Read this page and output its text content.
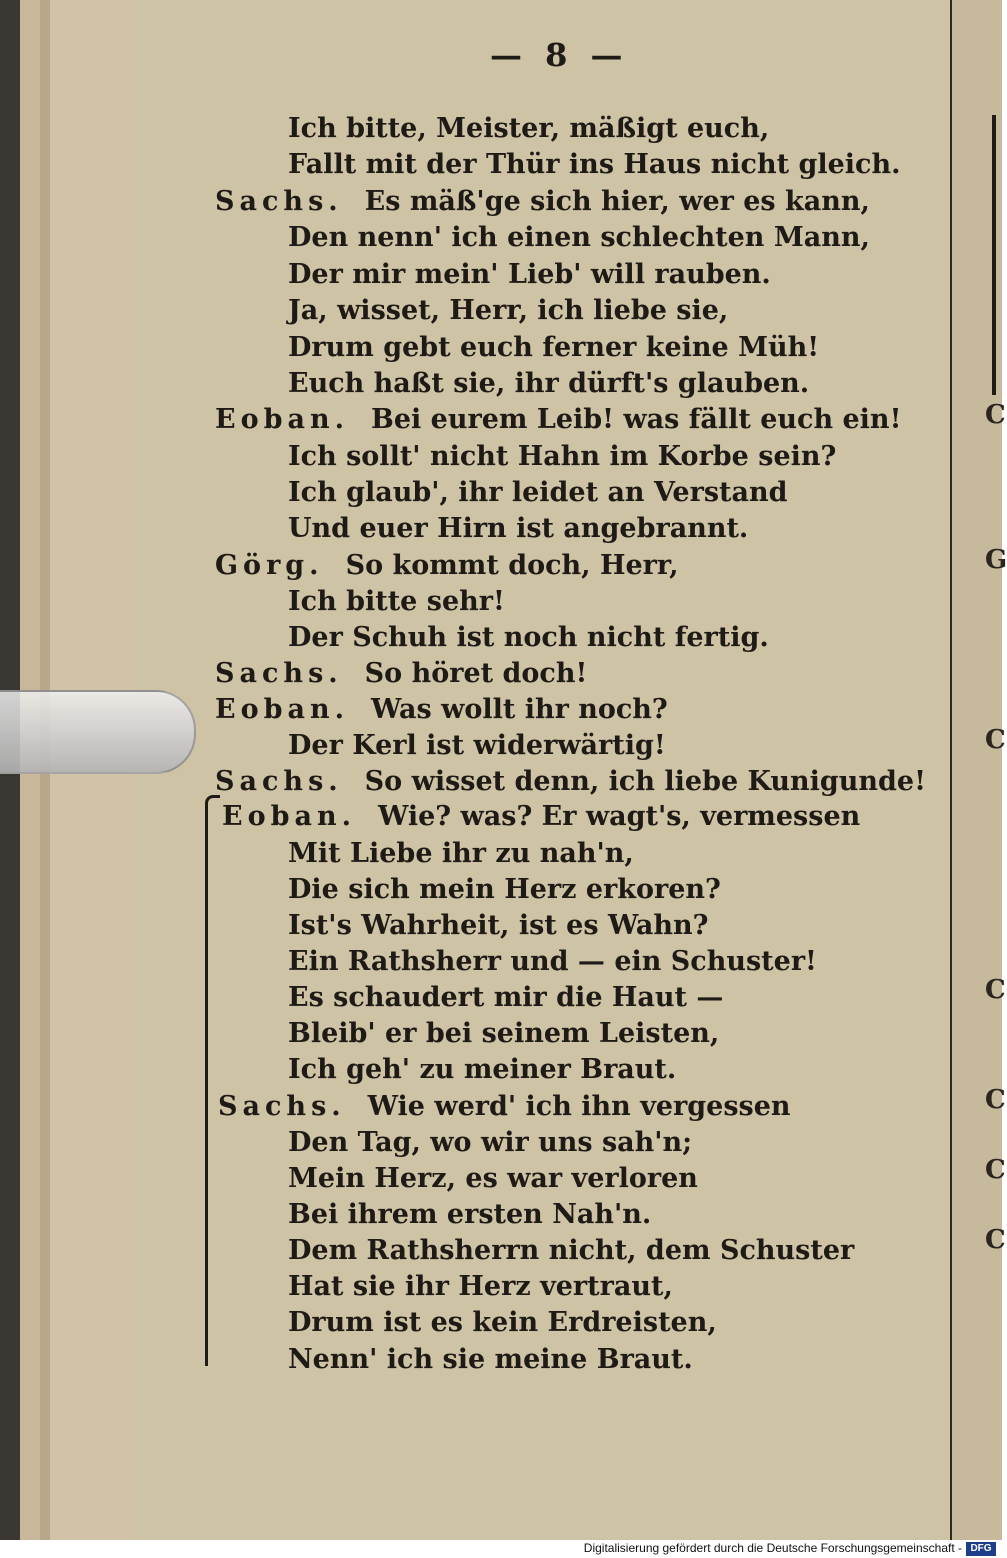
C
G
C
C
C
C
C
— 8 —
Ich bitte, Meister, mäßigt euch,
Fallt mit der Thür ins Haus nicht gleich.
Sachs. Es mäß'ge sich hier, wer es kann,
Den nenn' ich einen schlechten Mann,
Der mir mein' Lieb' will rauben.
Ja, wisset, Herr, ich liebe sie,
Drum gebt euch ferner keine Müh!
Euch haßt sie, ihr dürft's glauben.
Eoban. Bei eurem Leib! was fällt euch ein!
Ich sollt' nicht Hahn im Korbe sein?
Ich glaub', ihr leidet an Verstand
Und euer Hirn ist angebrannt.
Görg. So kommt doch, Herr,
Ich bitte sehr!
Der Schuh ist noch nicht fertig.
Sachs. So höret doch!
Eoban. Was wollt ihr noch?
Der Kerl ist widerwärtig!
Sachs. So wisset denn, ich liebe Kunigunde!
Eoban. Wie? was? Er wagt's, vermessen
Mit Liebe ihr zu nah'n,
Die sich mein Herz erkoren?
Ist's Wahrheit, ist es Wahn?
Ein Rathsherr und — ein Schuster!
Es schaudert mir die Haut —
Bleib' er bei seinem Leisten,
Ich geh' zu meiner Braut.
Sachs. Wie werd' ich ihn vergessen
Den Tag, wo wir uns sah'n;
Mein Herz, es war verloren
Bei ihrem ersten Nah'n.
Dem Rathsherrn nicht, dem Schuster
Hat sie ihr Herz vertraut,
Drum ist es kein Erdreisten,
Nenn' ich sie meine Braut.
Digitalisierung gefördert durch die Deutsche Forschungsgemeinschaft - DFG
